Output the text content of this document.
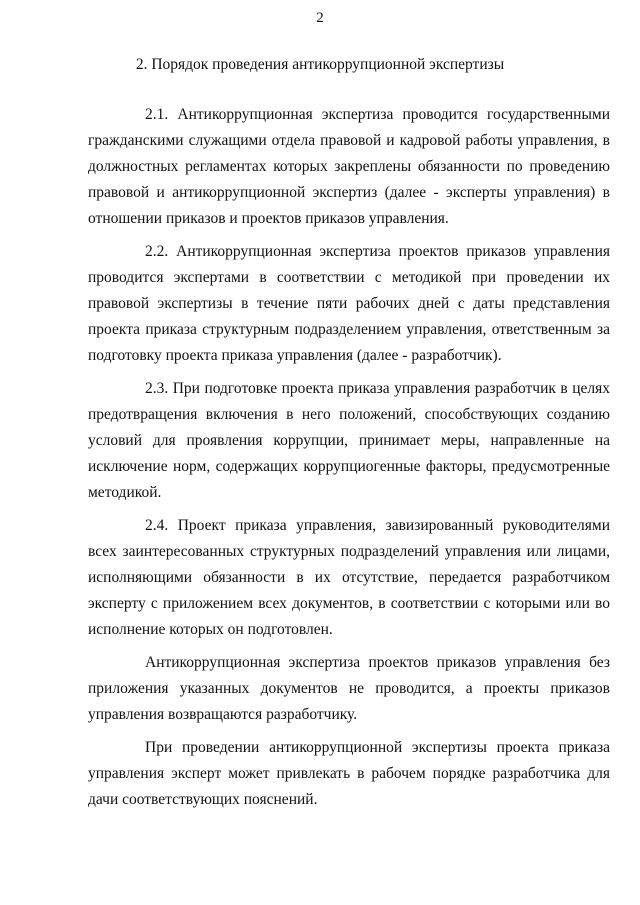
2
2. Порядок проведения антикоррупционной экспертизы

2.1. Антикоррупционная экспертиза проводится государственными гражданскими служащими отдела правовой и кадровой работы управления, в должностных регламентах которых закреплены обязанности по проведению правовой и антикоррупционной экспертиз (далее - эксперты управления) в отношении приказов и проектов приказов управления.

2.2. Антикоррупционная экспертиза проектов приказов управления проводится экспертами в соответствии с методикой при проведении их правовой экспертизы в течение пяти рабочих дней с даты представления проекта приказа структурным подразделением управления, ответственным за подготовку проекта приказа управления (далее - разработчик).

2.3. При подготовке проекта приказа управления разработчик в целях предотвращения включения в него положений, способствующих созданию условий для проявления коррупции, принимает меры, направленные на исключение норм, содержащих коррупциогенные факторы, предусмотренные методикой.

2.4. Проект приказа управления, завизированный руководителями всех заинтересованных структурных подразделений управления или лицами, исполняющими обязанности в их отсутствие, передается разработчиком эксперту с приложением всех документов, в соответствии с которыми или во исполнение которых он подготовлен.

Антикоррупционная экспертиза проектов приказов управления без приложения указанных документов не проводится, а проекты приказов управления возвращаются разработчику.

При проведении антикоррупционной экспертизы проекта приказа управления эксперт может привлекать в рабочем порядке разработчика для дачи соответствующих пояснений.
